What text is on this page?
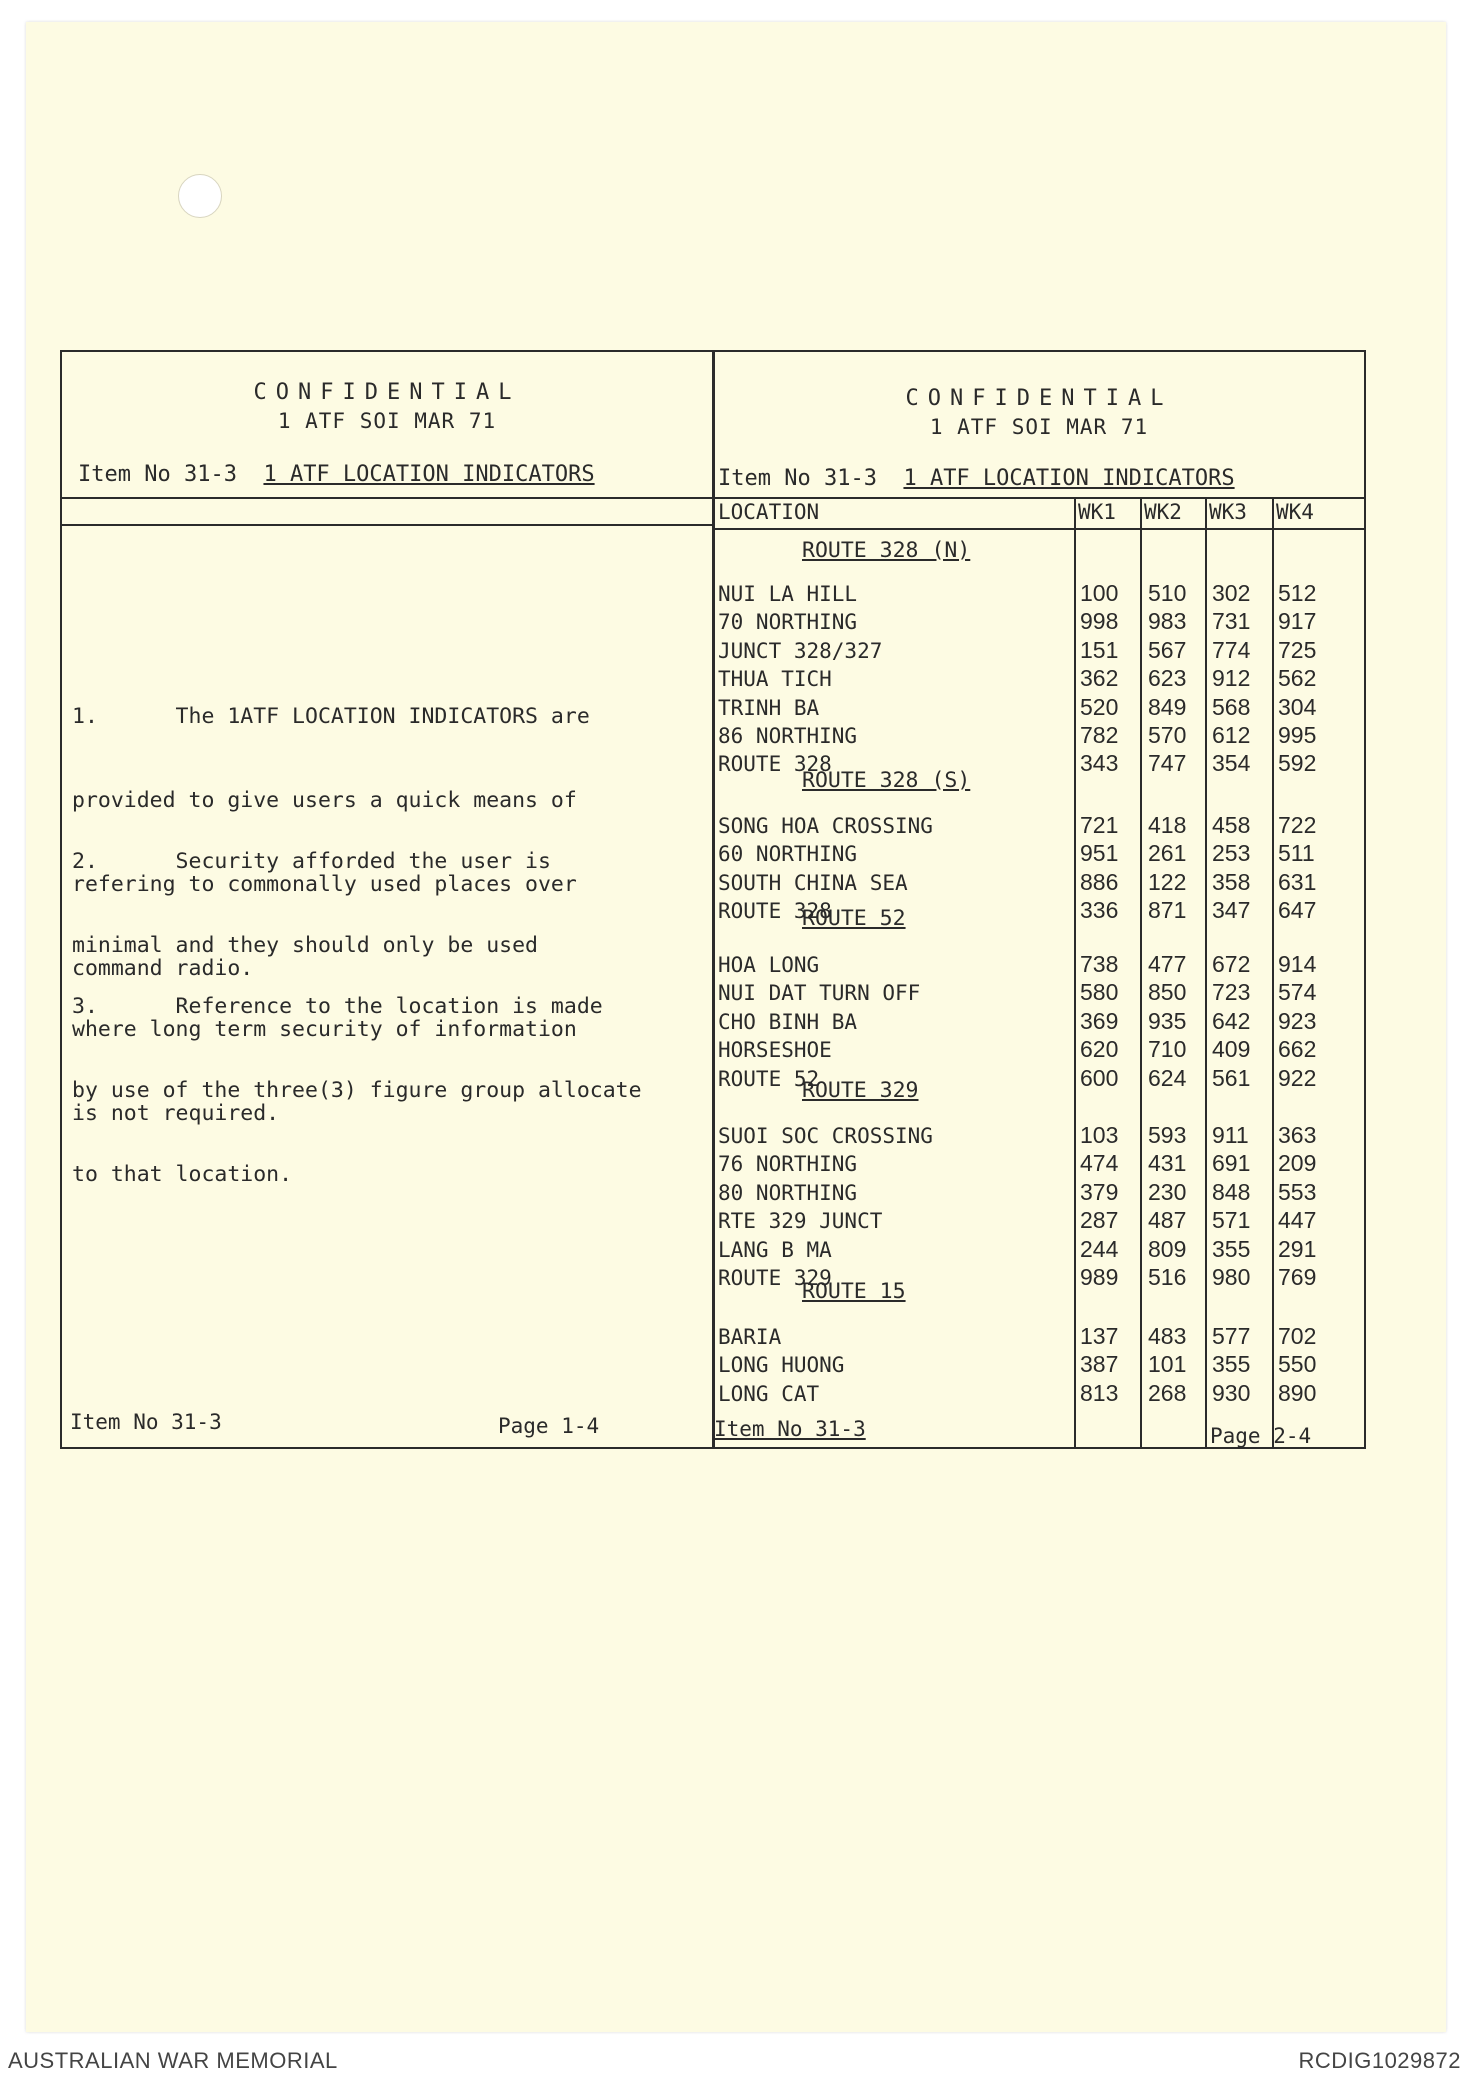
CONFIDENTIAL
1 ATF SOI MAR 71
Item No 31-3 1 ATF LOCATION INDICATORS

1.      The 1ATF LOCATION INDICATORS are

provided to give users a quick means of

refering to commonally used places over

command radio.

2.      Security afforded the user is

minimal and they should only be used

where long term security of information

is not required.

3.      Reference to the location is made

by use of the three(3) figure group allocate

to that location.

Item No 31-3	Page 1-4
CONFIDENTIAL
1 ATF SOI MAR 71
Item No 31-3 1 ATF LOCATION INDICATORS
LOCATION	WK1 WK2 WK3 WK4
ROUTE 328 (N)
NUI LA HILL	100 510 302 512
70 NORTHING	998 983 731 917
JUNCT 328/327	151 567 774 725
THUA TICH	362 623 912 562
TRINH BA	520 849 568 304
86 NORTHING	782 570 612 995
ROUTE 328	343 747 354 592
ROUTE 328 (S)
SONG HOA CROSSING	721 418 458 722
60 NORTHING	951 261 253 511
SOUTH CHINA SEA	886 122 358 631
ROUTE 328	336 871 347 647
ROUTE 52
HOA LONG	738 477 672 914
NUI DAT TURN OFF	580 850 723 574
CHO BINH BA	369 935 642 923
HORSESHOE	620 710 409 662
ROUTE 52	600 624 561 922
ROUTE 329
SUOI SOC CROSSING	103 593 911 363
76 NORTHING	474 431 691 209
80 NORTHING	379 230 848 553
RTE 329 JUNCT	287 487 571 447
LANG B MA	244 809 355 291
ROUTE 329	989 516 980 769
ROUTE 15
BARIA	137 483 577 702
LONG HUONG	387 101 355 550
LONG CAT	813 268 930 890
Item No 31-3	Page 2-4
AUSTRALIAN WAR MEMORIAL	RCDIG1029872
